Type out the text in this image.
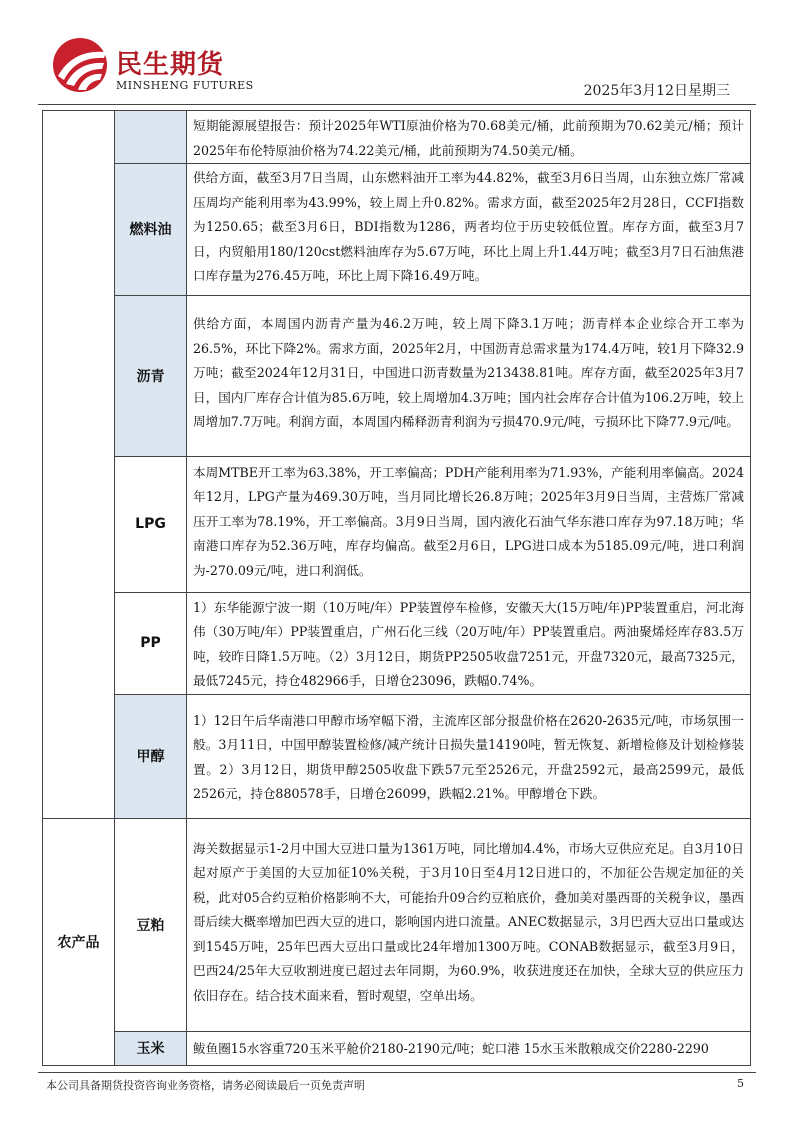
民生期货
MINSHENG FUTURES	2025年3月12日星期三
		短期能源展望报告：预计2025年WTI原油价格为70.68美元/桶，此前预期为70.62美元/桶；预计2025年布伦特原油价格为74.22美元/桶，此前预期为74.50美元/桶。
	燃料油	供给方面，截至3月7日当周，山东燃料油开工率为44.82%，截至3月6日当周，山东独立炼厂常减压周均产能利用率为43.99%，较上周上升0.82%。需求方面，截至2025年2月28日，CCFI指数为1250.65；截至3月6日，BDI指数为1286，两者均位于历史较低位置。库存方面，截至3月7日，内贸船用180/120cst燃料油库存为5.67万吨，环比上周上升1.44万吨；截至3月7日石油焦港口库存量为276.45万吨，环比上周下降16.49万吨。
	沥青	供给方面，本周国内沥青产量为46.2万吨，较上周下降3.1万吨；沥青样本企业综合开工率为26.5%，环比下降2%。需求方面，2025年2月，中国沥青总需求量为174.4万吨，较1月下降32.9万吨；截至2024年12月31日，中国进口沥青数量为213438.81吨。库存方面，截至2025年3月7日，国内厂库存合计值为85.6万吨，较上周增加4.3万吨；国内社会库存合计值为106.2万吨，较上周增加7.7万吨。利润方面，本周国内稀释沥青利润为亏损470.9元/吨，亏损环比下降77.9元/吨。
	LPG	本周MTBE开工率为63.38%，开工率偏高；PDH产能利用率为71.93%，产能利用率偏高。2024年12月，LPG产量为469.30万吨，当月同比增长26.8万吨；2025年3月9日当周，主营炼厂常减压开工率为78.19%，开工率偏高。3月9日当周，国内液化石油气华东港口库存为97.18万吨；华南港口库存为52.36万吨，库存均偏高。截至2月6日，LPG进口成本为5185.09元/吨，进口利润为-270.09元/吨，进口利润低。
	PP	1）东华能源宁波一期（10万吨/年）PP装置停车检修，安徽天大(15万吨/年)PP装置重启，河北海伟（30万吨/年）PP装置重启，广州石化三线（20万吨/年）PP装置重启。两油聚烯烃库存83.5万吨，较昨日降1.5万吨。（2）3月12日，期货PP2505收盘7251元，开盘7320元，最高7325元，最低7245元，持仓482966手，日增仓23096，跌幅0.74%。
	甲醇	1）12日午后华南港口甲醇市场窄幅下滑，主流库区部分报盘价格在2620-2635元/吨，市场氛围一般。3月11日，中国甲醇装置检修/减产统计日损失量14190吨，暂无恢复、新增检修及计划检修装置。2）3月12日，期货甲醇2505收盘下跌57元至2526元，开盘2592元，最高2599元，最低2526元，持仓880578手，日增仓26099，跌幅2.21%。甲醇增仓下跌。
农产品	豆粕	海关数据显示1-2月中国大豆进口量为1361万吨，同比增加4.4%，市场大豆供应充足。自3月10日起对原产于美国的大豆加征10%关税，于3月10日至4月12日进口的，不加征公告规定加征的关税，此对05合约豆粕价格影响不大，可能抬升09合约豆粕底价，叠加美对墨西哥的关税争议，墨西哥后续大概率增加巴西大豆的进口，影响国内进口流量。ANEC数据显示，3月巴西大豆出口量或达到1545万吨，25年巴西大豆出口量或比24年增加1300万吨。CONAB数据显示，截至3月9日，巴西24/25年大豆收割进度已超过去年同期，为60.9%，收获进度还在加快，全球大豆的供应压力依旧存在。结合技术面来看，暂时观望，空单出场。
	玉米	鲅鱼圈15水容重720玉米平舱价2180-2190元/吨；蛇口港 15水玉米散粮成交价2280-2290
本公司具备期货投资咨询业务资格，请务必阅读最后一页免责声明	5
